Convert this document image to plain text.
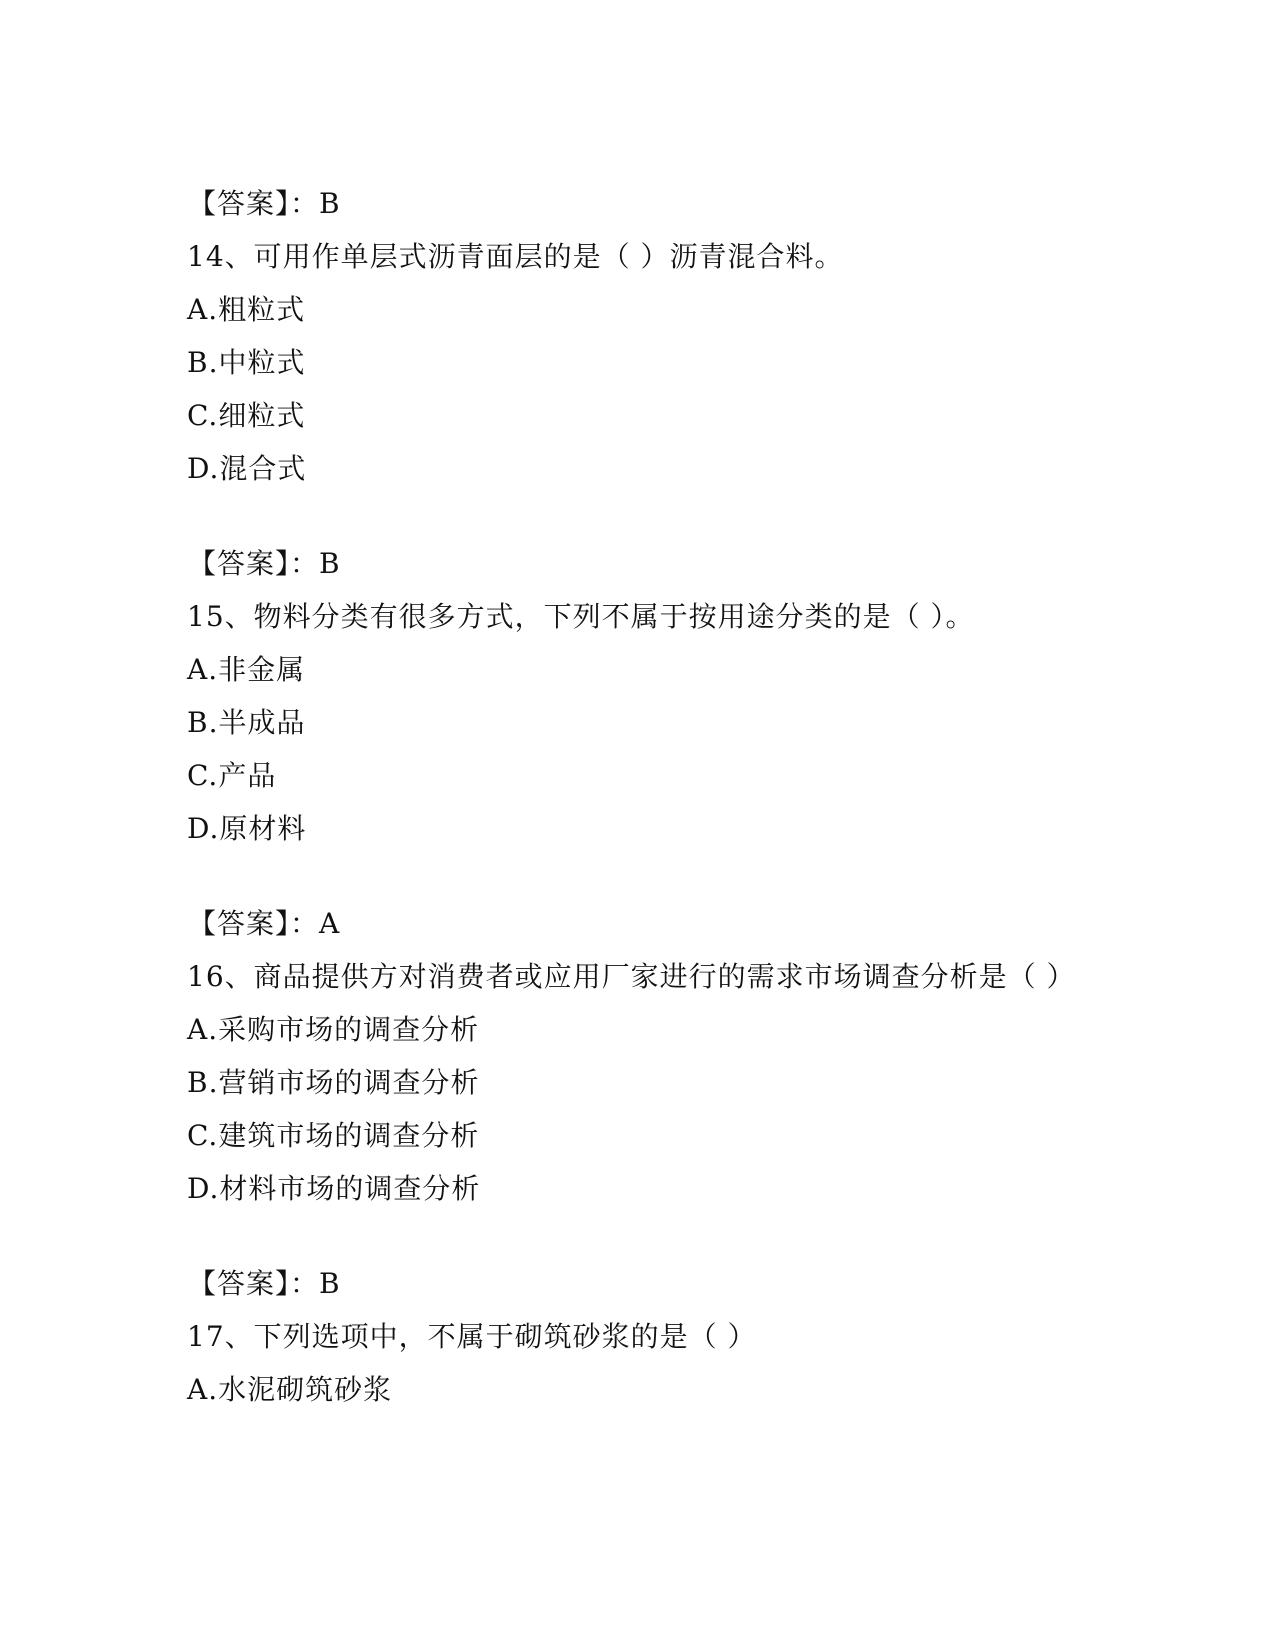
【答案】：B
14、可用作单层式沥青面层的是（ ）沥青混合料。
A.粗粒式
B.中粒式
C.细粒式
D.混合式
【答案】：B
15、物料分类有很多方式，下列不属于按用途分类的是（ ）。
A.非金属
B.半成品
C.产品
D.原材料
【答案】：A
16、商品提供方对消费者或应用厂家进行的需求市场调查分析是（ ）
A.采购市场的调查分析
B.营销市场的调查分析
C.建筑市场的调查分析
D.材料市场的调查分析
【答案】：B
17、下列选项中，不属于砌筑砂浆的是（ ）
A.水泥砌筑砂浆
